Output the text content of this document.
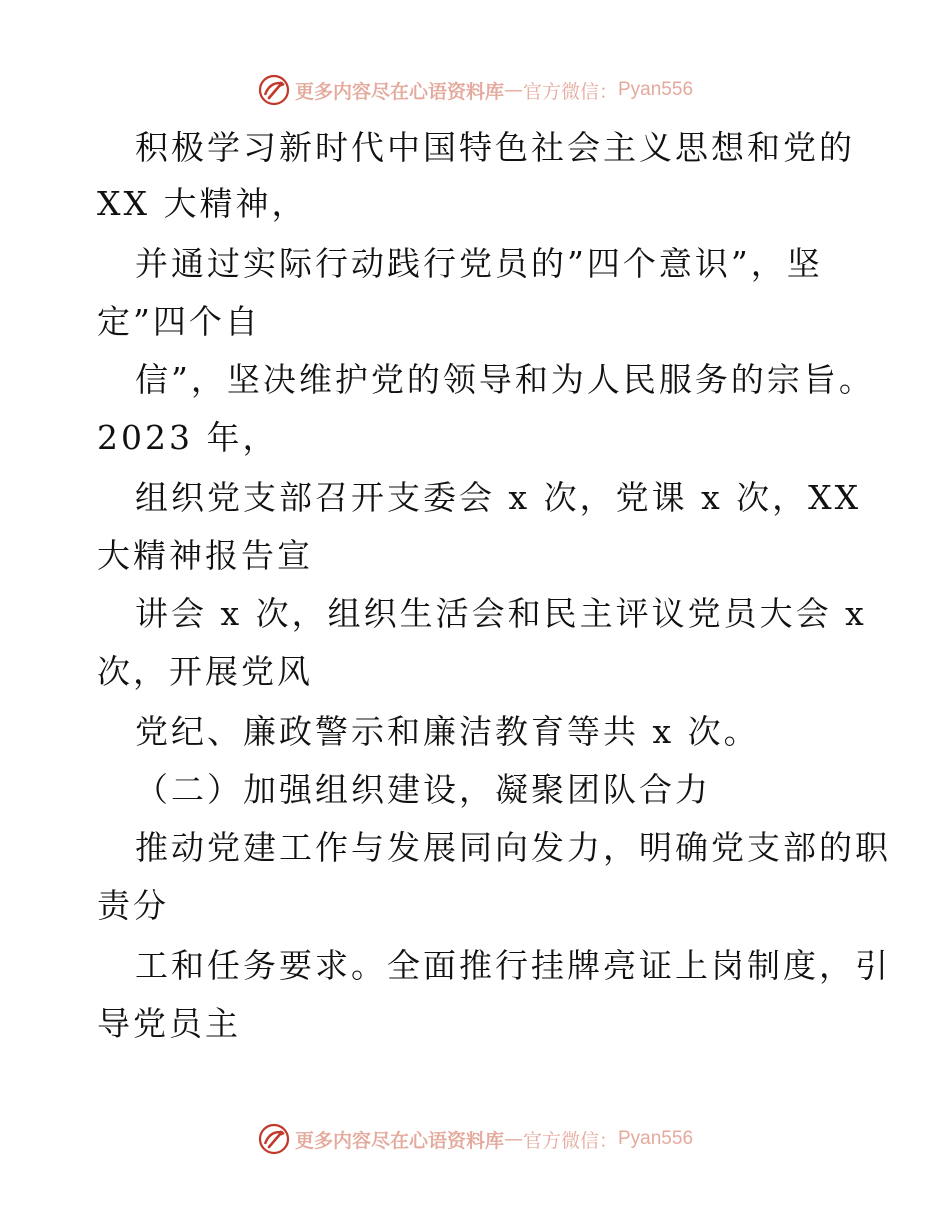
更多内容尽在心语资料库 — 官方微信： Pyan556
积极学习新时代中国特色社会主义思想和党的
XX 大精神，
并通过实际行动践行党员的”四个意识”，坚
定”四个自
信”，坚决维护党的领导和为人民服务的宗旨。
2023 年，
组织党支部召开支委会 x 次，党课 x 次，XX
大精神报告宣
讲会 x 次，组织生活会和民主评议党员大会 x
次，开展党风
党纪、廉政警示和廉洁教育等共 x 次。
（二）加强组织建设，凝聚团队合力
推动党建工作与发展同向发力，明确党支部的职
责分
工和任务要求。全面推行挂牌亮证上岗制度，引
导党员主
更多内容尽在心语资料库 — 官方微信： Pyan556
